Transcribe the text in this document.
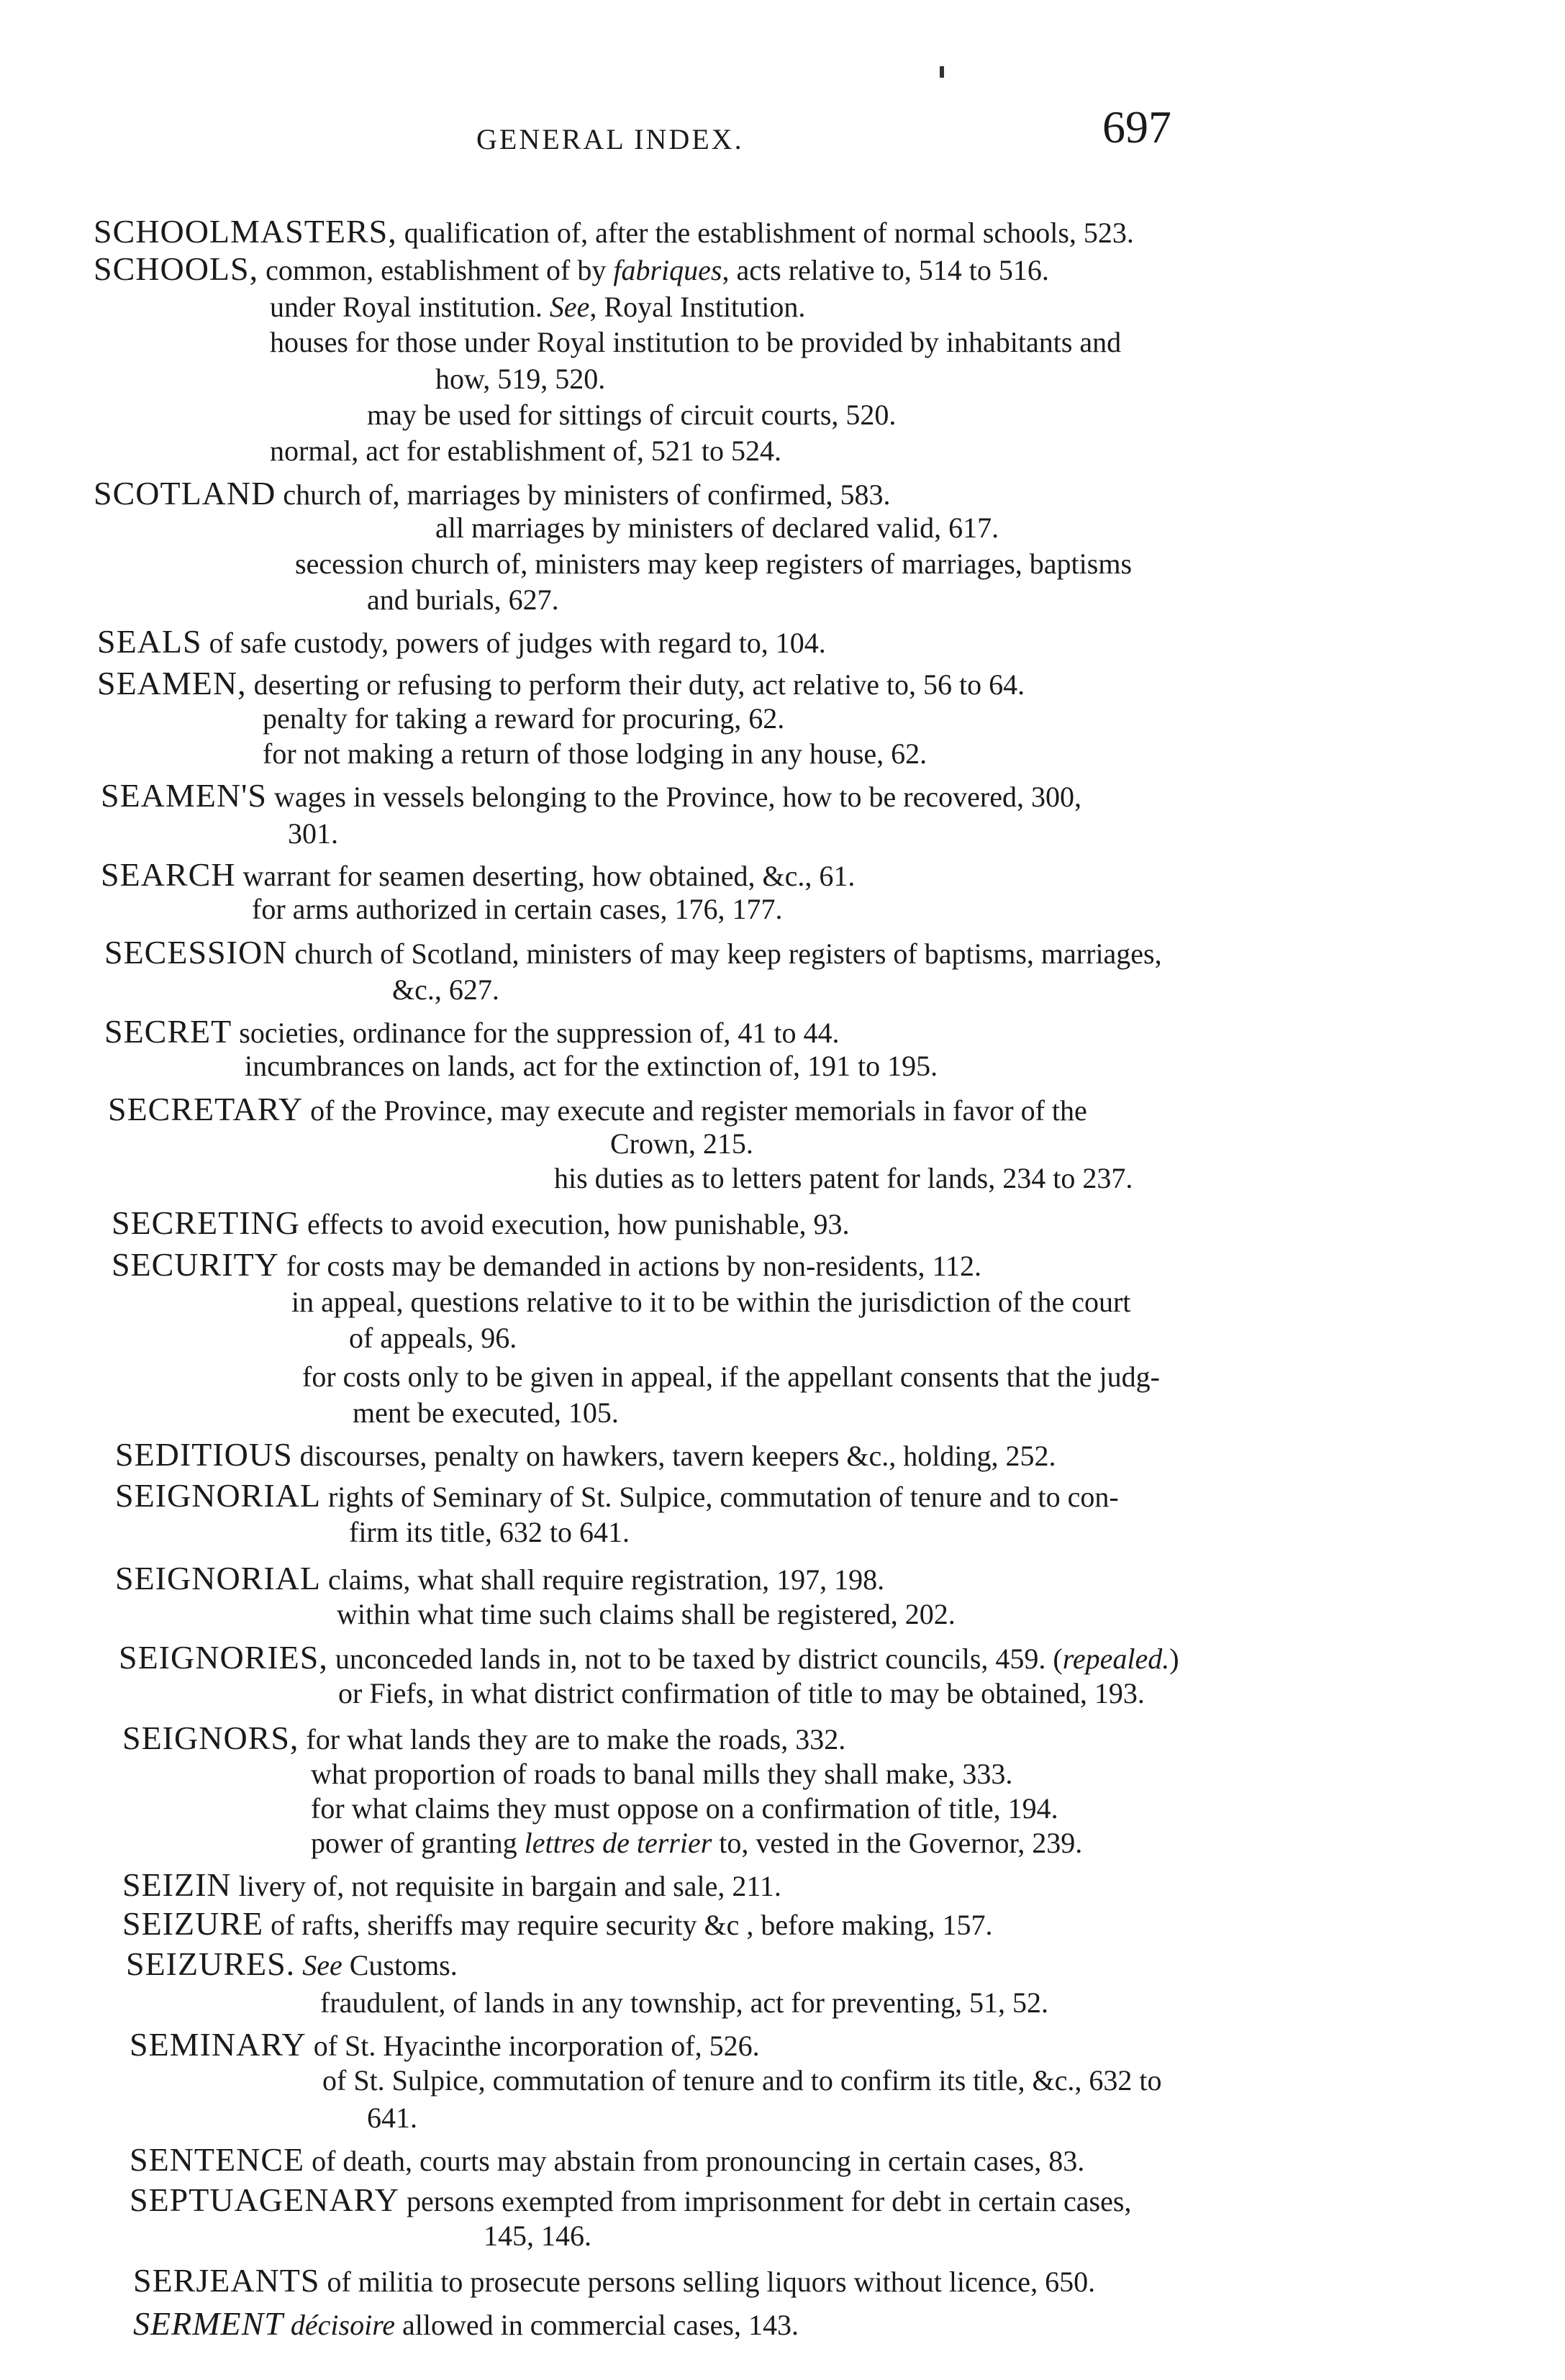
GENERAL INDEX.	697
SCHOOLMASTERS, qualification of, after the establishment of normal schools, 523.
SCHOOLS, common, establishment of by fabriques, acts relative to, 514 to 516.
under Royal institution. See, Royal Institution.
houses for those under Royal institution to be provided by inhabitants and
how, 519, 520.
may be used for sittings of circuit courts, 520.
normal, act for establishment of, 521 to 524.
SCOTLAND church of, marriages by ministers of confirmed, 583.
all marriages by ministers of declared valid, 617.
secession church of, ministers may keep registers of marriages, baptisms
and burials, 627.
SEALS of safe custody, powers of judges with regard to, 104.
SEAMEN, deserting or refusing to perform their duty, act relative to, 56 to 64.
penalty for taking a reward for procuring, 62.
for not making a return of those lodging in any house, 62.
SEAMEN'S wages in vessels belonging to the Province, how to be recovered, 300,
301.
SEARCH warrant for seamen deserting, how obtained, &c., 61.
for arms authorized in certain cases, 176, 177.
SECESSION church of Scotland, ministers of may keep registers of baptisms, marriages,
&c., 627.
SECRET societies, ordinance for the suppression of, 41 to 44.
incumbrances on lands, act for the extinction of, 191 to 195.
SECRETARY of the Province, may execute and register memorials in favor of the
Crown, 215.
his duties as to letters patent for lands, 234 to 237.
SECRETING effects to avoid execution, how punishable, 93.
SECURITY for costs may be demanded in actions by non-residents, 112.
in appeal, questions relative to it to be within the jurisdiction of the court
of appeals, 96.
for costs only to be given in appeal, if the appellant consents that the judg-
ment be executed, 105.
SEDITIOUS discourses, penalty on hawkers, tavern keepers &c., holding, 252.
SEIGNORIAL rights of Seminary of St. Sulpice, commutation of tenure and to con-
firm its title, 632 to 641.
SEIGNORIAL claims, what shall require registration, 197, 198.
within what time such claims shall be registered, 202.
SEIGNORIES, unconceded lands in, not to be taxed by district councils, 459. (repealed.)
or Fiefs, in what district confirmation of title to may be obtained, 193.
SEIGNORS, for what lands they are to make the roads, 332.
what proportion of roads to banal mills they shall make, 333.
for what claims they must oppose on a confirmation of title, 194.
power of granting lettres de terrier to, vested in the Governor, 239.
SEIZIN livery of, not requisite in bargain and sale, 211.
SEIZURE of rafts, sheriffs may require security &c , before making, 157.
SEIZURES. See Customs.
fraudulent, of lands in any township, act for preventing, 51, 52.
SEMINARY of St. Hyacinthe incorporation of, 526.
of St. Sulpice, commutation of tenure and to confirm its title, &c., 632 to
641.
SENTENCE of death, courts may abstain from pronouncing in certain cases, 83.
SEPTUAGENARY persons exempted from imprisonment for debt in certain cases,
145, 146.
SERJEANTS of militia to prosecute persons selling liquors without licence, 650.
SERMENT décisoire allowed in commercial cases, 143.
